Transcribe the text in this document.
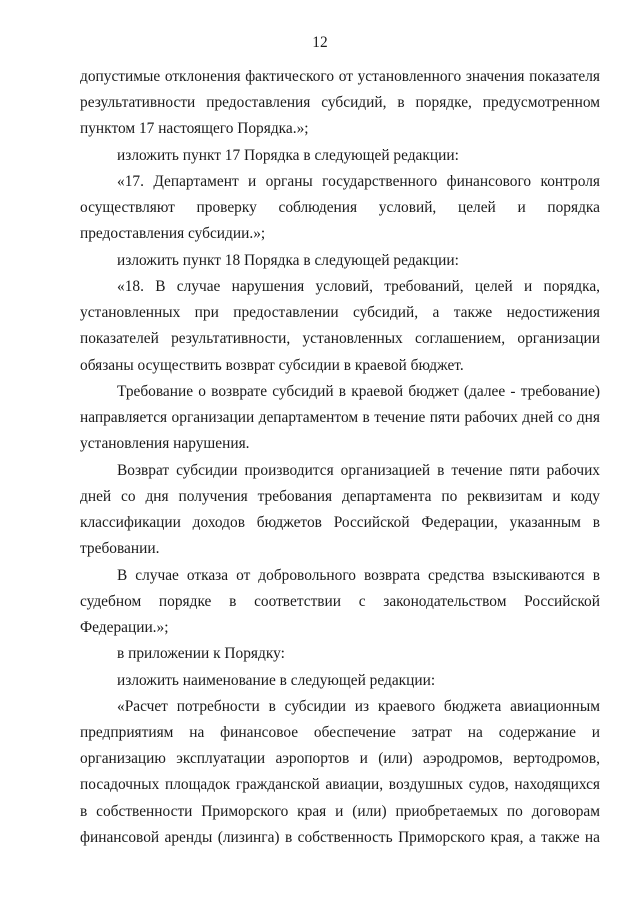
12

допустимые отклонения фактического от установленного значения показателя результативности предоставления субсидий, в порядке, предусмотренном пунктом 17 настоящего Порядка.»;

изложить пункт 17 Порядка в следующей редакции:

«17. Департамент и органы государственного финансового контроля осуществляют проверку соблюдения условий, целей и порядка предоставления субсидии.»;

изложить пункт 18 Порядка в следующей редакции:

«18. В случае нарушения условий, требований, целей и порядка, установленных при предоставлении субсидий, а также недостижения показателей результативности, установленных соглашением, организации обязаны осуществить возврат субсидии в краевой бюджет.

Требование о возврате субсидий в краевой бюджет (далее - требование) направляется организации департаментом в течение пяти рабочих дней со дня установления нарушения.

Возврат субсидии производится организацией в течение пяти рабочих дней со дня получения требования департамента по реквизитам и коду классификации доходов бюджетов Российской Федерации, указанным в требовании.

В случае отказа от добровольного возврата средства взыскиваются в судебном порядке в соответствии с законодательством Российской Федерации.»;

в приложении к Порядку:

изложить наименование в следующей редакции:

«Расчет потребности в субсидии из краевого бюджета авиационным предприятиям на финансовое обеспечение затрат на содержание и организацию эксплуатации аэропортов и (или) аэродромов, вертодромов, посадочных площадок гражданской авиации, воздушных судов, находящихся в собственности Приморского края и (или) приобретаемых по договорам финансовой аренды (лизинга) в собственность Приморского края, а также на
